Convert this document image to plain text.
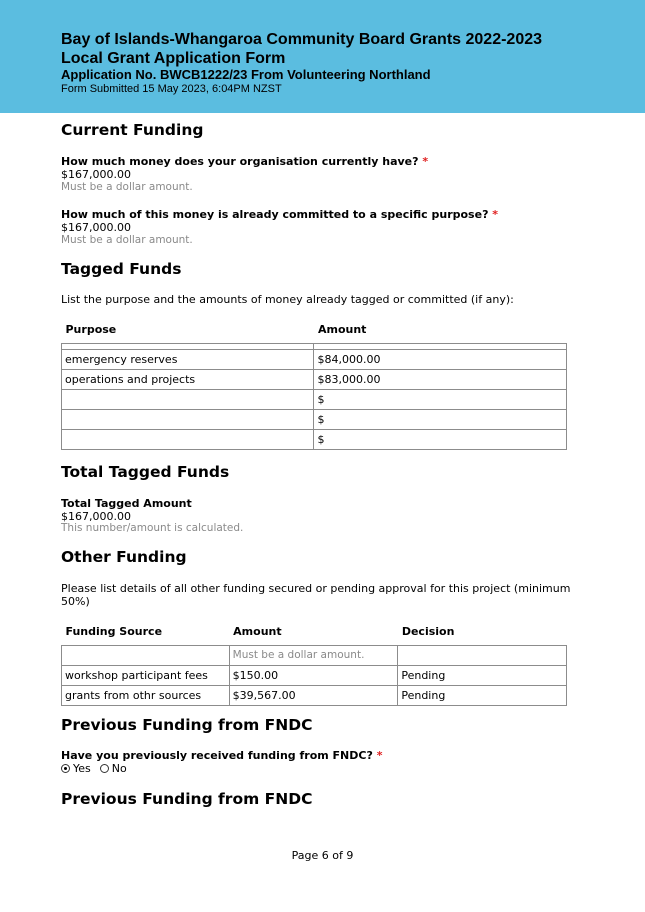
Bay of Islands-Whangaroa Community Board Grants 2022-2023
Local Grant Application Form
Application No. BWCB1222/23 From Volunteering Northland
Form Submitted 15 May 2023, 6:04PM NZST
Current Funding
How much money does your organisation currently have? *
$167,000.00
Must be a dollar amount.
How much of this money is already committed to a specific purpose? *
$167,000.00
Must be a dollar amount.
Tagged Funds
List the purpose and the amounts of money already tagged or committed (if any):
Purpose	Amount

emergency reserves	$84,000.00
operations and projects	$83,000.00
	$
	$
	$
Total Tagged Funds
Total Tagged Amount
$167,000.00
This number/amount is calculated.
Other Funding
Please list details of all other funding secured or pending approval for this project (minimum
50%)
Funding Source	Amount	Decision
	Must be a dollar amount.	
workshop participant fees	$150.00	Pending
grants from othr sources	$39,567.00	Pending
Previous Funding from FNDC
Have you previously received funding from FNDC? *
Yes No
Previous Funding from FNDC
Page 6 of 9
